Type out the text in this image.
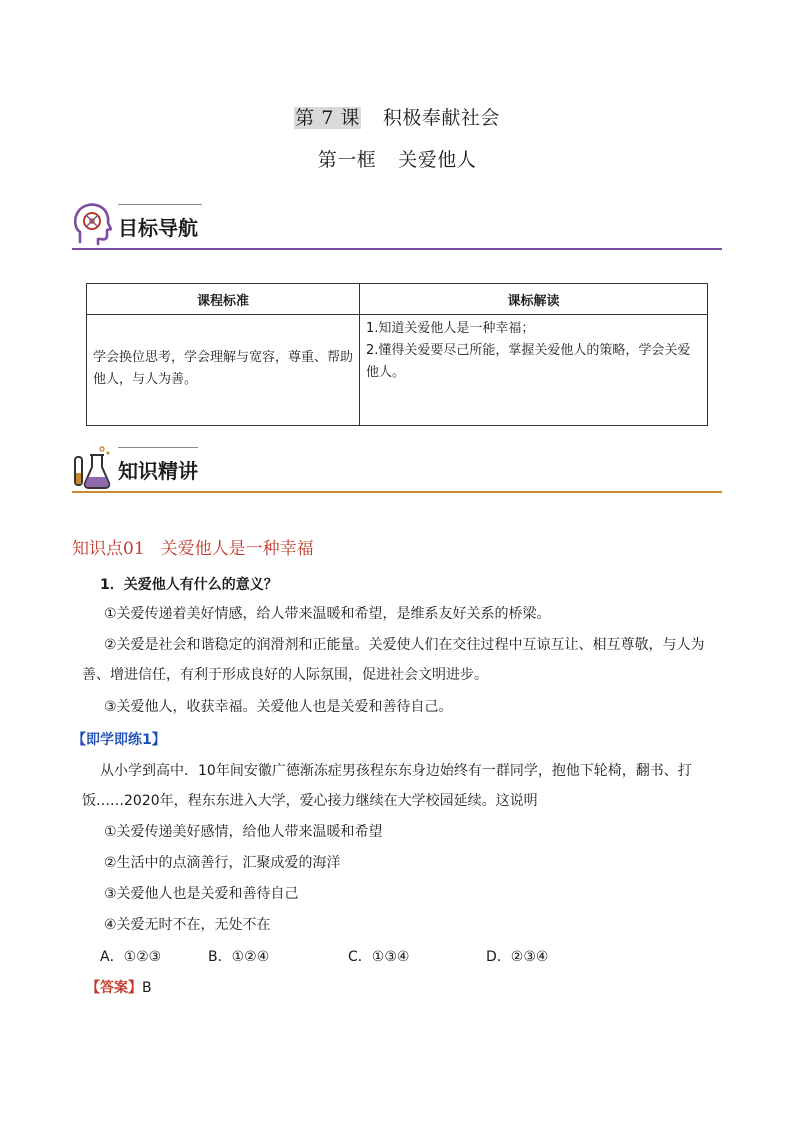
第 7 课 积极奉献社会
第一框 关爱他人
目标导航
课程标准	课标解读
学会换位思考，学会理解与宽容，尊重、帮助他人，与人为善。	1.知道关爱他人是一种幸福；
2.懂得关爱要尽己所能，掌握关爱他人的策略，学会关爱他人。
知识精讲
知识点01 关爱他人是一种幸福
1．关爱他人有什么的意义？
①关爱传递着美好情感，给人带来温暖和希望，是维系友好关系的桥梁。
②关爱是社会和谐稳定的润滑剂和正能量。关爱使人们在交往过程中互谅互让、相互尊敬，与人为善、增进信任，有利于形成良好的人际氛围，促进社会文明进步。
③关爱他人，收获幸福。关爱他人也是关爱和善待自己。
【即学即练1】
从小学到高中．10年间安徽广德渐冻症男孩程东东身边始终有一群同学，抱他下轮椅，翻书、打饭……2020年，程东东进入大学，爱心接力继续在大学校园延续。这说明
①关爱传递美好感情，给他人带来温暖和希望
②生活中的点滴善行，汇聚成爱的海洋
③关爱他人也是关爱和善待自己
④关爱无时不在，无处不在
A．①②③	B．①②④	C．①③④	D．②③④
【答案】B
